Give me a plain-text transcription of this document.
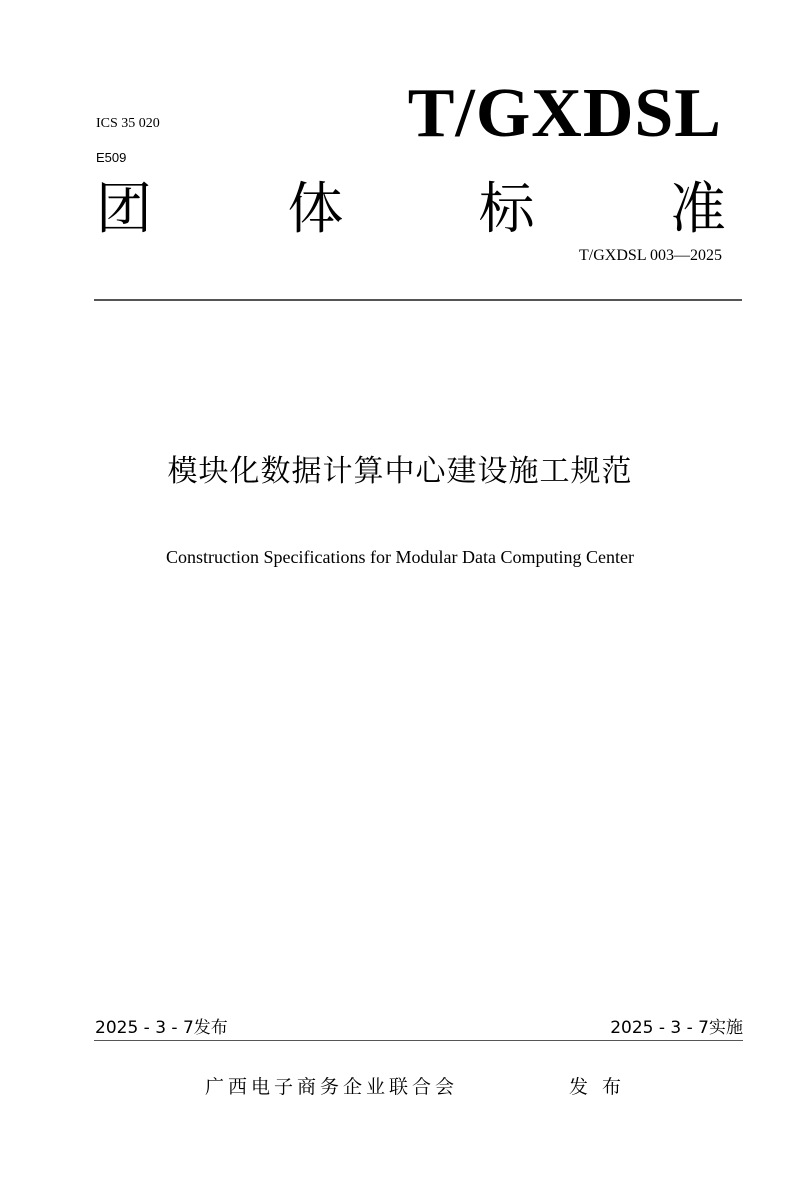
ICS 35 020
E509
T/GXDSL
团 体 标 准
T/GXDSL 003—2025
模块化数据计算中心建设施工规范
Construction Specifications for Modular Data Computing Center
2025 - 3 - 7发布	2025 - 3 - 7实施
广西电子商务企业联合会	发 布
